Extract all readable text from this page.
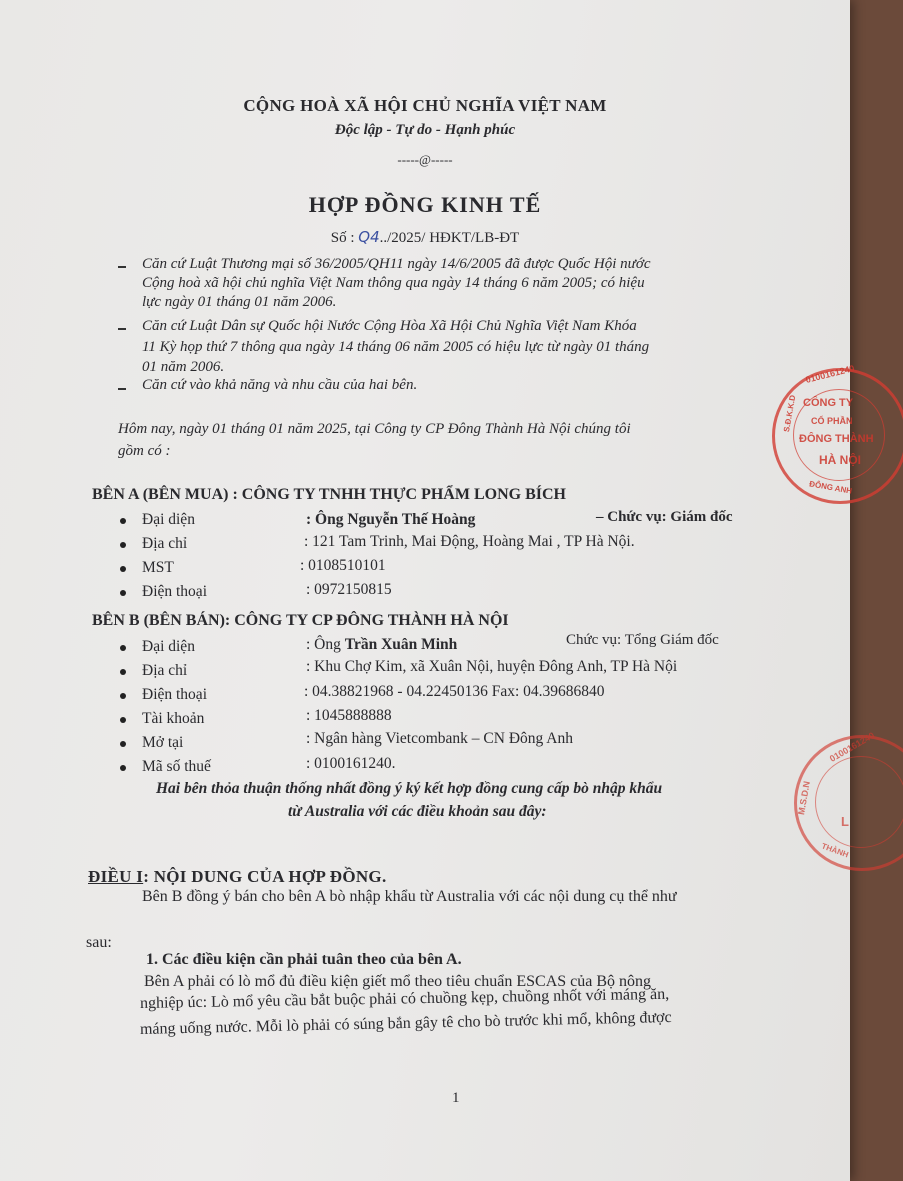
CỘNG HOÀ XÃ HỘI CHỦ NGHĨA VIỆT NAM
Độc lập - Tự do - Hạnh phúc
-----@-----
HỢP ĐỒNG KINH TẾ
Số : Q4../2025/ HĐKT/LB-ĐT
Căn cứ Luật Thương mại số 36/2005/QH11 ngày 14/6/2005 đã được Quốc Hội nước
Cộng hoà xã hội chủ nghĩa Việt Nam thông qua ngày 14 tháng 6 năm 2005; có hiệu
lực ngày 01 tháng 01 năm 2006.
Căn cứ Luật Dân sự Quốc hội Nước Cộng Hòa Xã Hội Chủ Nghĩa Việt Nam Khóa
11 Kỳ họp thứ 7 thông qua ngày 14 tháng 06 năm 2005 có hiệu lực từ ngày 01 tháng
01 năm 2006.
Căn cứ vào khả năng và nhu cầu của hai bên.
Hôm nay, ngày 01 tháng 01 năm 2025, tại Công ty CP Đông Thành Hà Nội chúng tôi
gồm có :
BÊN A (BÊN MUA) : CÔNG TY TNHH THỰC PHẨM LONG BÍCH
Đại diện	: Ông Nguyễn Thế Hoàng	– Chức vụ: Giám đốc
Địa chỉ	: 121 Tam Trinh, Mai Động, Hoàng Mai , TP Hà Nội.
MST	: 0108510101
Điện thoại	: 0972150815
BÊN B (BÊN BÁN): CÔNG TY CP ĐÔNG THÀNH HÀ NỘI
Đại diện	: Ông Trần Xuân Minh	Chức vụ: Tổng Giám đốc
Địa chỉ	: Khu Chợ Kim, xã Xuân Nội, huyện Đông Anh, TP Hà Nội
Điện thoại	: 04.38821968 - 04.22450136 Fax: 04.39686840
Tài khoản	: 1045888888
Mở tại	: Ngân hàng Vietcombank – CN Đông Anh
Mã số thuế	: 0100161240.
Hai bên thỏa thuận thống nhất đồng ý ký kết hợp đồng cung cấp bò nhập khẩu
từ Australia với các điều khoản sau đây:
ĐIỀU I: NỘI DUNG CỦA HỢP ĐỒNG.
Bên B đồng ý bán cho bên A bò nhập khẩu từ Australia với các nội dung cụ thể như
sau:
1. Các điều kiện cần phải tuân theo của bên A.
Bên A phải có lò mổ đủ điều kiện giết mổ theo tiêu chuẩn ESCAS của Bộ nông
nghiệp úc: Lò mổ yêu cầu bắt buộc phải có chuồng kẹp, chuồng nhốt với máng ăn,
máng uống nước. Mỗi lò phải có súng bắn gây tê cho bò trước khi mổ, không được
1
0100161240
S.Đ.K.K.D CÔNG TY
CỔ PHẦN
ĐÔNG THÀNH
HÀ NỘI
ĐÔNG ANH
0100161240
M.S.D.N
L
THÀNH
